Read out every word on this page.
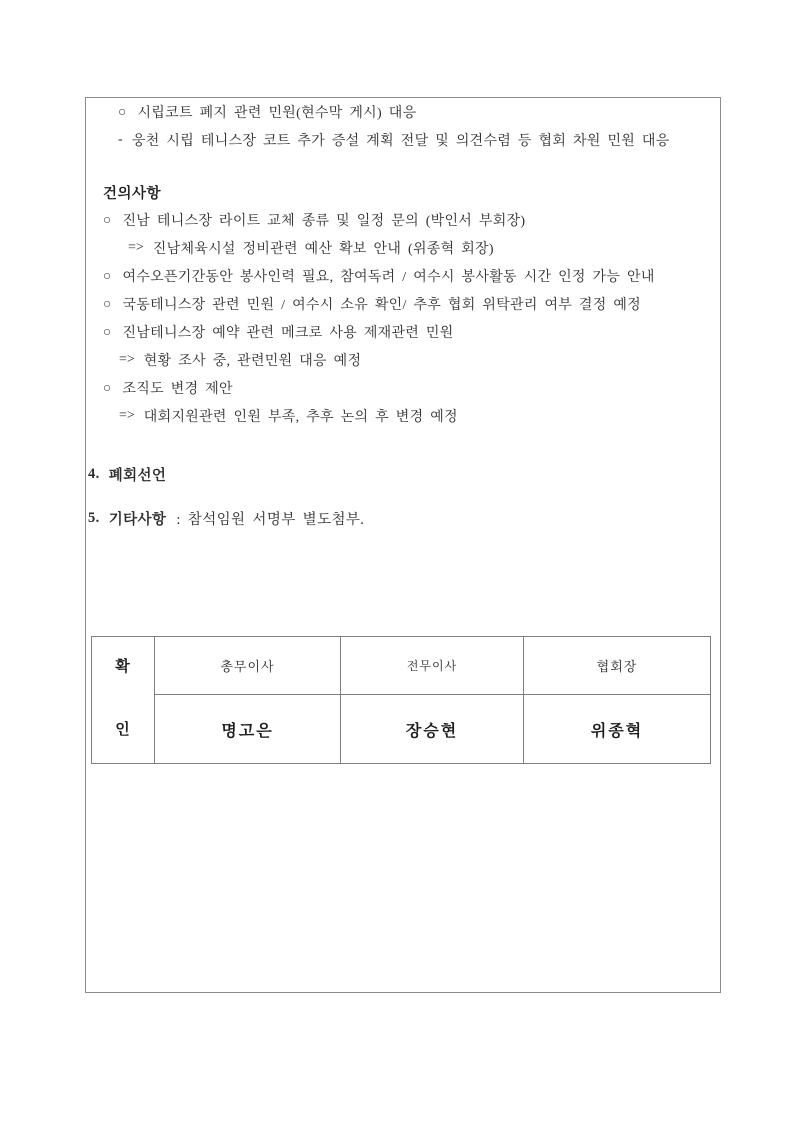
○ 시립코트 폐지 관련 민원(현수막 게시) 대응
- 웅천 시립 테니스장 코트 추가 증설 계획 전달 및 의견수렴 등 협회 차원 민원 대응
건의사항
○ 진남 테니스장 라이트 교체 종류 및 일정 문의 (박인서 부회장)
=> 진남체육시설 정비관련 예산 확보 안내 (위종혁 회장)
○ 여수오픈기간동안 봉사인력 필요, 참여독려 / 여수시 봉사활동 시간 인정 가능 안내
○ 국동테니스장 관련 민원 / 여수시 소유 확인/ 추후 협회 위탁관리 여부 결정 예정
○ 진남테니스장 예약 관련 메크로 사용 제재관련 민원
=> 현황 조사 중, 관련민원 대응 예정
○ 조직도 변경 제안
=> 대회지원관련 인원 부족, 추후 논의 후 변경 예정
4. 폐회선언
5. 기타사항 : 참석임원 서명부 별도첨부.
확
인	총무이사	전무이사	협회장
	명고은	장승현	위종혁
